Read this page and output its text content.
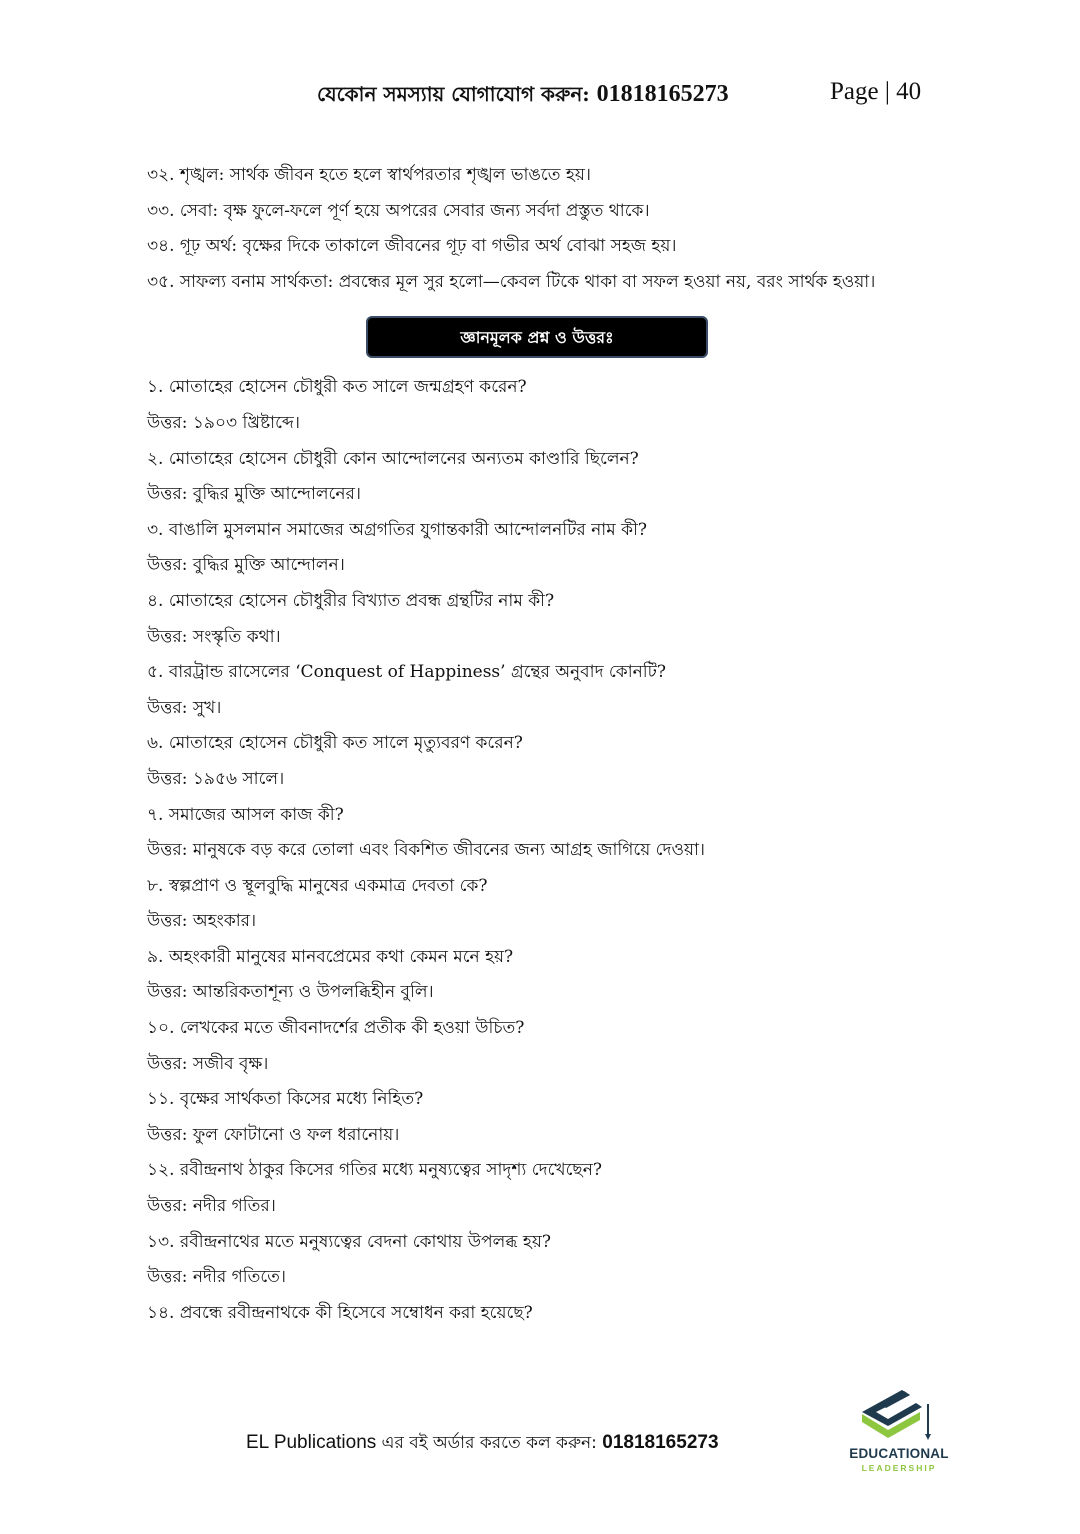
যেকোন সমস্যায় যোগাযোগ করুন: 01818165273	Page | 40

৩২. শৃঙ্খল: সার্থক জীবন হতে হলে স্বার্থপরতার শৃঙ্খল ভাঙতে হয়।

৩৩. সেবা: বৃক্ষ ফুলে-ফলে পূর্ণ হয়ে অপরের সেবার জন্য সর্বদা প্রস্তুত থাকে।

৩৪. গূঢ় অর্থ: বৃক্ষের দিকে তাকালে জীবনের গূঢ় বা গভীর অর্থ বোঝা সহজ হয়।

৩৫. সাফল্য বনাম সার্থকতা: প্রবন্ধের মূল সুর হলো—কেবল টিকে থাকা বা সফল হওয়া নয়, বরং সার্থক হওয়া।

জ্ঞানমূলক প্রশ্ন ও উত্তরঃ
১. মোতাহের হোসেন চৌধুরী কত সালে জন্মগ্রহণ করেন?
উত্তর: ১৯০৩ খ্রিষ্টাব্দে।
২. মোতাহের হোসেন চৌধুরী কোন আন্দোলনের অন্যতম কাণ্ডারি ছিলেন?
উত্তর: বুদ্ধির মুক্তি আন্দোলনের।
৩. বাঙালি মুসলমান সমাজের অগ্রগতির যুগান্তকারী আন্দোলনটির নাম কী?
উত্তর: বুদ্ধির মুক্তি আন্দোলন।
৪. মোতাহের হোসেন চৌধুরীর বিখ্যাত প্রবন্ধ গ্রন্থটির নাম কী?
উত্তর: সংস্কৃতি কথা।
৫. বারট্রান্ড রাসেলের ‘Conquest of Happiness’ গ্রন্থের অনুবাদ কোনটি?
উত্তর: সুখ।
৬. মোতাহের হোসেন চৌধুরী কত সালে মৃত্যুবরণ করেন?
উত্তর: ১৯৫৬ সালে।
৭. সমাজের আসল কাজ কী?
উত্তর: মানুষকে বড় করে তোলা এবং বিকশিত জীবনের জন্য আগ্রহ জাগিয়ে দেওয়া।
৮. স্বল্পপ্রাণ ও স্থূলবুদ্ধি মানুষের একমাত্র দেবতা কে?
উত্তর: অহংকার।
৯. অহংকারী মানুষের মানবপ্রেমের কথা কেমন মনে হয়?
উত্তর: আন্তরিকতাশূন্য ও উপলব্ধিহীন বুলি।
১০. লেখকের মতে জীবনাদর্শের প্রতীক কী হওয়া উচিত?
উত্তর: সজীব বৃক্ষ।
১১. বৃক্ষের সার্থকতা কিসের মধ্যে নিহিত?
উত্তর: ফুল ফোটানো ও ফল ধরানোয়।
১২. রবীন্দ্রনাথ ঠাকুর কিসের গতির মধ্যে মনুষ্যত্বের সাদৃশ্য দেখেছেন?
উত্তর: নদীর গতির।
১৩. রবীন্দ্রনাথের মতে মনুষ্যত্বের বেদনা কোথায় উপলব্ধ হয়?
উত্তর: নদীর গতিতে।
১৪. প্রবন্ধে রবীন্দ্রনাথকে কী হিসেবে সম্বোধন করা হয়েছে?
EL Publications এর বই অর্ডার করতে কল করুন: 01818165273
EDUCATIONAL
LEADERSHIP
